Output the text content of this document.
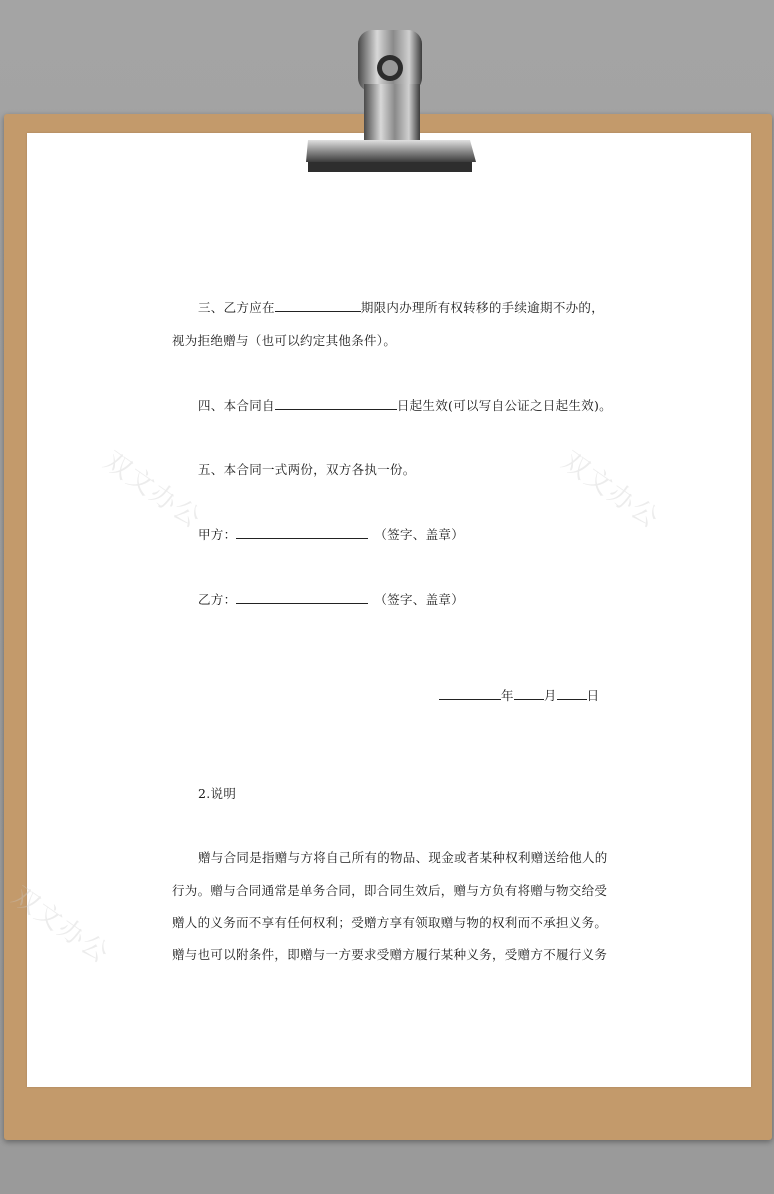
双文办公	双文办公
双文办公
三、乙方应在	期限内办理所有权转移的手续逾期不办的，
视为拒绝赠与（也可以约定其他条件）。
四、本合同自	日起生效(可以写自公证之日起生效)。
五、本合同一式两份，双方各执一份。
甲方：	（签字、盖章）
乙方：	（签字、盖章）
年 月 日
2.说明
赠与合同是指赠与方将自己所有的物品、现金或者某种权利赠送给他人的
行为。赠与合同通常是单务合同，即合同生效后，赠与方负有将赠与物交给受
赠人的义务而不享有任何权利；受赠方享有领取赠与物的权利而不承担义务。
赠与也可以附条件，即赠与一方要求受赠方履行某种义务，受赠方不履行义务
